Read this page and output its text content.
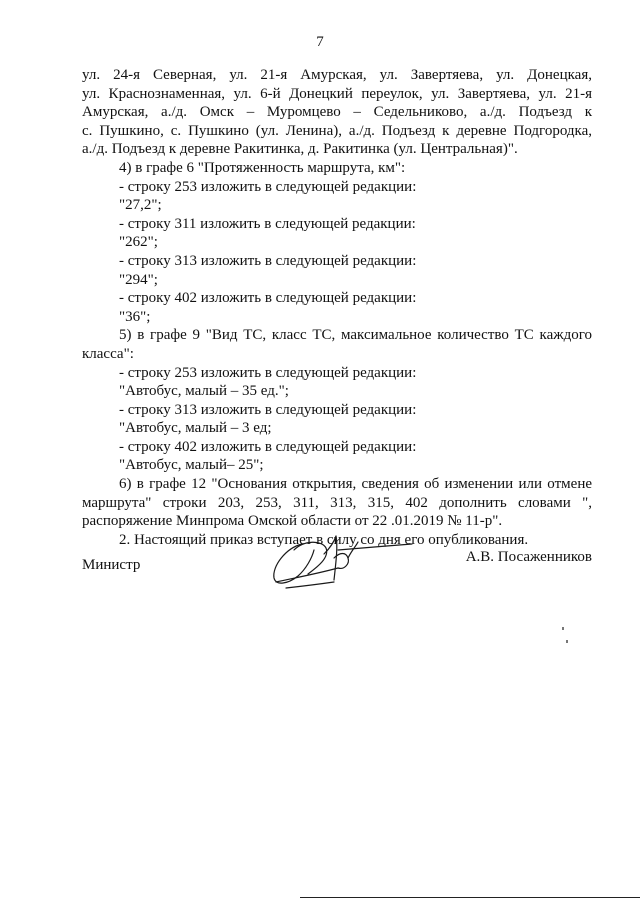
7

ул. 24-я Северная, ул. 21-я Амурская, ул. Завертяева, ул. Донецкая,

ул. Краснознаменная, ул. 6-й Донецкий переулок, ул. Завертяева, ул. 21-я

Амурская, а./д. Омск – Муромцево – Седельниково, а./д. Подъезд к

с. Пушкино, с. Пушкино (ул. Ленина), а./д. Подъезд к деревне Подгородка,

а./д. Подъезд к деревне Ракитинка, д. Ракитинка (ул. Центральная)".

4) в графе 6 "Протяженность маршрута, км":

- строку 253 изложить в следующей редакции:

"27,2";

- строку 311 изложить в следующей редакции:

"262";

- строку 313 изложить в следующей редакции:

"294";

- строку 402 изложить в следующей редакции:

"36";

5) в графе 9 "Вид ТС, класс ТС, максимальное количество ТС каждого

класса":

- строку 253 изложить в следующей редакции:

"Автобус, малый – 35 ед.";

- строку 313 изложить в следующей редакции:

"Автобус, малый – 3 ед;

- строку 402 изложить в следующей редакции:

"Автобус, малый– 25";

6) в графе 12 "Основания открытия, сведения об изменении или отмене

маршрута" строки 203, 253, 311, 313, 315, 402 дополнить словами ",

распоряжение Минпрома Омской области от 22 .01.2019 № 11-р".

2. Настоящий приказ вступает в силу со дня его опубликования.

Министр	А.В. Посаженников
